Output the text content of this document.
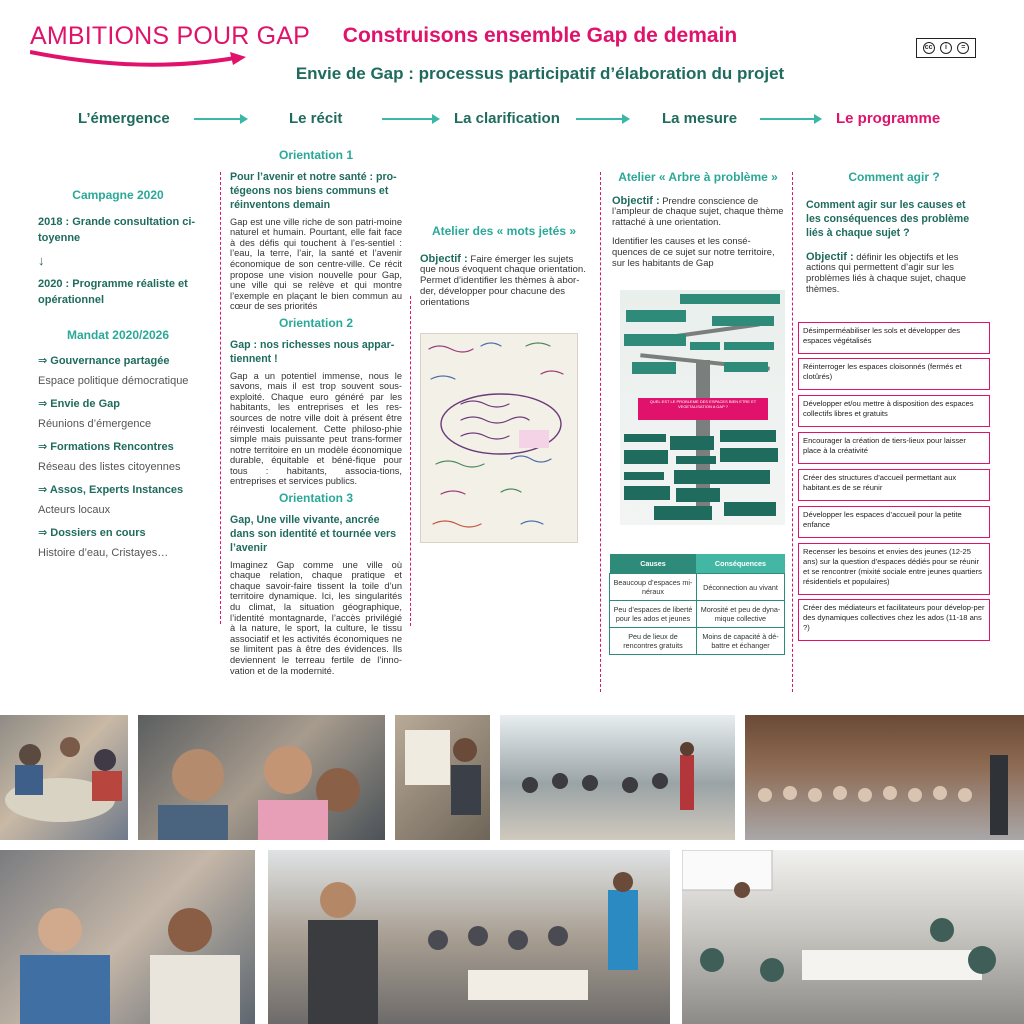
AMBITIONS POUR GAP	Construisons ensemble Gap de demain
Envie de Gap : processus participatif d’élaboration du projet
cc	i	=
L’émergence	Le récit	La clarification	La mesure	Le programme
Campagne 2020
2018 : Grande consultation ci-toyenne
↓
2020 : Programme réaliste et opérationnel
Mandat 2020/2026
⇒ Gouvernance partagée
Espace politique démocratique
⇒ Envie de Gap
Réunions d’émergence
⇒ Formations Rencontres
Réseau des listes citoyennes
⇒ Assos, Experts Instances
Acteurs locaux
⇒ Dossiers en cours
Histoire d’eau, Cristayes…
Orientation 1
Pour l’avenir et notre santé : pro-tégeons nos biens communs et réinventons demain
Gap est une ville riche de son patri-moine naturel et humain. Pourtant, elle fait face à des défis qui touchent à l’es-sentiel : l’eau, la terre, l’air, la santé et l’avenir économique de son centre-ville. Ce récit propose une vision nouvelle pour Gap, une ville qui se relève et qui montre l’exemple en plaçant le bien commun au cœur de ses priorités
Orientation 2
Gap : nos richesses nous appar-tiennent !
Gap a un potentiel immense, nous le savons, mais il est trop souvent sous-exploité. Chaque euro généré par les habitants, les entreprises et les res-sources de notre ville doit à présent être réinvesti localement. Cette philoso-phie simple mais puissante peut trans-former notre territoire en un modèle économique durable, équitable et béné-fique pour tous : habitants, associa-tions, entreprises et services publics.
Orientation 3
Gap, Une ville vivante, ancrée dans son identité et tournée vers l’avenir
Imaginez Gap comme une ville où chaque relation, chaque pratique et chaque savoir-faire tissent la toile d’un territoire dynamique. Ici, les singularités du climat, la situation géographique, l’identité montagnarde, l’accès privilégié à la nature, le sport, la culture, le tissu associatif et les activités économiques ne se limitent pas à être des évidences. Ils deviennent le terreau fertile de l’inno-vation et de la modernité.
Atelier des « mots jetés »
Objectif : Faire émerger les sujets que nous évoquent chaque orientation. Permet d’identifier les thèmes à abor-der, développer pour chacune des orientations
Atelier « Arbre à problème »
Objectif : Prendre conscience de l’ampleur de chaque sujet, chaque thème rattaché à une orientation.
Identifier les causes et les consé-quences de ce sujet sur notre territoire, sur les habitants de Gap
QUEL EST LE PROBLEME DES ESPACES BIEN ETRE ET VEGETALISATION A GAP ?
Causes	Conséquences
Beaucoup d’espaces mi-néraux	Déconnection au vivant
Peu d’espaces de liberté pour les ados et jeunes	Morosité et peu de dyna-mique collective
Peu de lieux de rencontres gratuits	Moins de capacité à dé-battre et échanger
Comment agir ?
Comment agir sur les causes et les conséquences des problème liés à chaque sujet ?
Objectif : définir les objectifs et les actions qui permettent d’agir sur les problèmes liés à chaque sujet, chaque thèmes.
Désimperméabiliser les sols et développer des espaces végétalisés
Réinterroger les espaces cloisonnés (fermés et clotûrés)
Développer et/ou mettre à disposition des espaces collectifs libres et gratuits
Encourager la création de tiers-lieux pour laisser place à la créativité
Créer des structures d’accueil permettant aux habitant.es de se réunir
Développer les espaces d’accueil pour la petite enfance
Recenser les besoins et envies des jeunes (12-25 ans) sur la question d’espaces dédiés pour se réunir et se rencontrer (mixité sociale entre jeunes quartiers résidentiels et populaires)
Créer des médiateurs et facilitateurs pour dévelop-per des dynamiques collectives chez les ados (11-18 ans ?)
